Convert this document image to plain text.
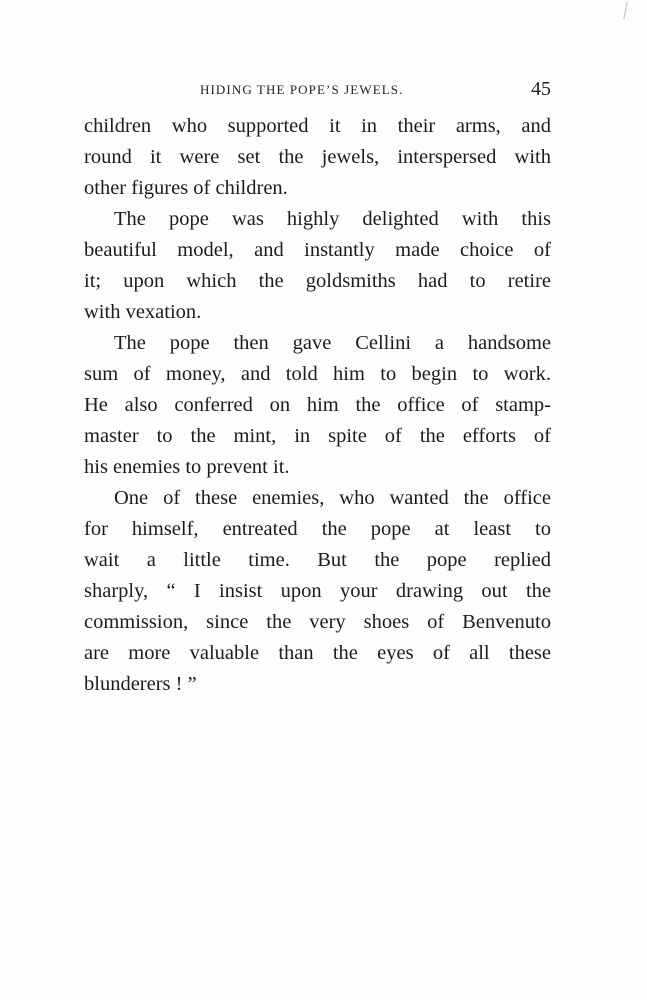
HIDING THE POPE’S JEWELS.	45

children who supported it in their arms, and
round it were set the jewels, interspersed with
other figures of children.

The pope was highly delighted with this
beautiful model, and instantly made choice of
it; upon which the goldsmiths had to retire
with vexation.

The pope then gave Cellini a handsome
sum of money, and told him to begin to work.
He also conferred on him the office of stamp-
master to the mint, in spite of the efforts of
his enemies to prevent it.

One of these enemies, who wanted the office
for himself, entreated the pope at least to
wait a little time. But the pope replied
sharply, “ I insist upon your drawing out the
commission, since the very shoes of Benvenuto
are more valuable than the eyes of all these
blunderers ! ”
